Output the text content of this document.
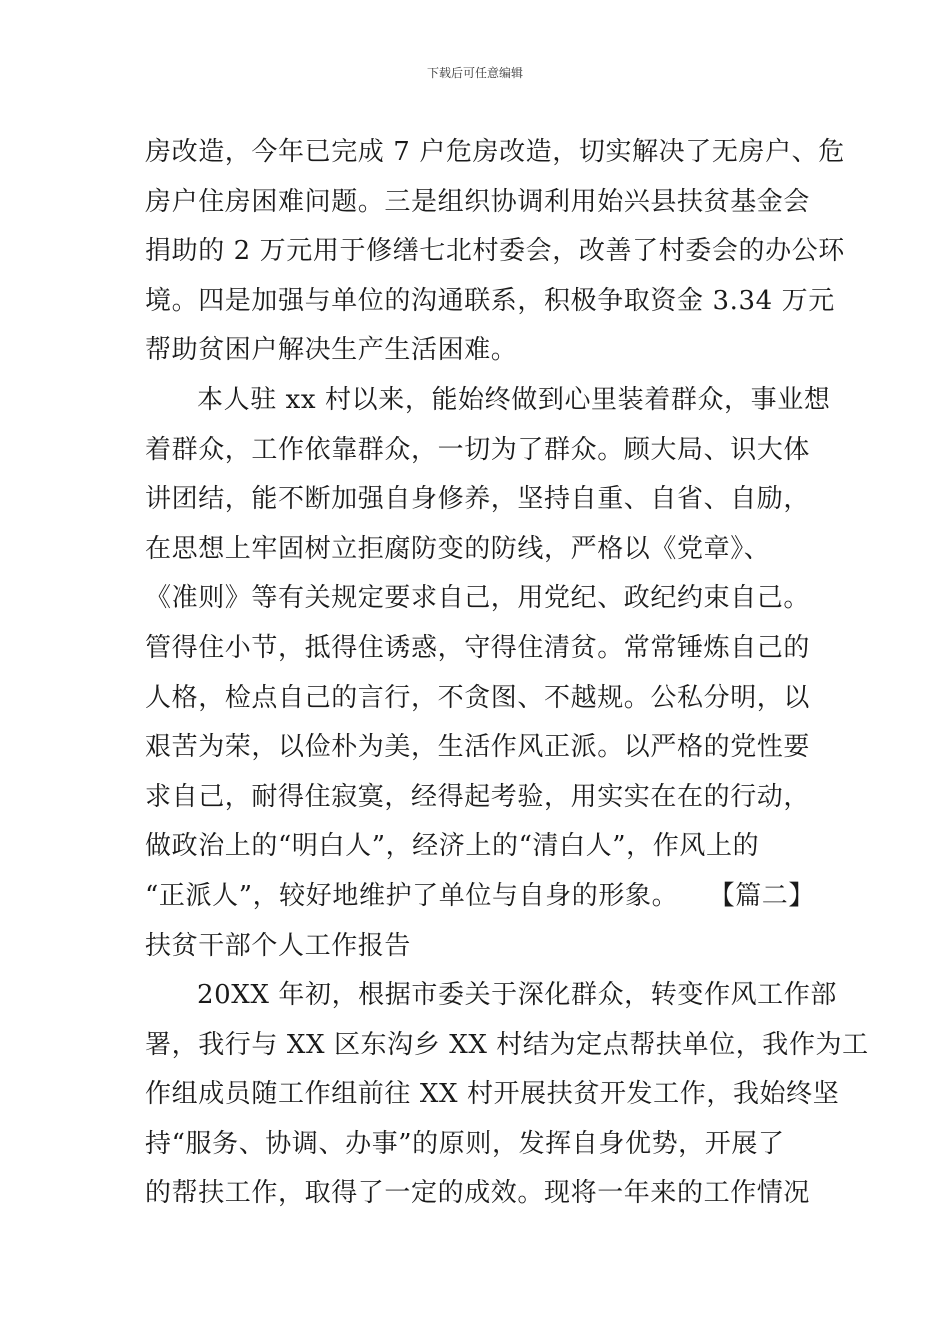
下载后可任意编辑
房改造，今年已完成 7 户危房改造，切实解决了无房户、危
房户住房困难问题。三是组织协调利用始兴县扶贫基金会
捐助的 2 万元用于修缮七北村委会，改善了村委会的办公环
境。四是加强与单位的沟通联系，积极争取资金 3.34 万元
帮助贫困户解决生产生活困难。
本人驻 xx 村以来，能始终做到心里装着群众，事业想
着群众，工作依靠群众，一切为了群众。顾大局、识大体
讲团结，能不断加强自身修养，坚持自重、自省、自励，
在思想上牢固树立拒腐防变的防线，严格以《党章》、
《准则》等有关规定要求自己，用党纪、政纪约束自己。
管得住小节，抵得住诱惑，守得住清贫。常常锤炼自己的
人格，检点自己的言行，不贪图、不越规。公私分明，以
艰苦为荣，以俭朴为美，生活作风正派。以严格的党性要
求自己，耐得住寂寞，经得起考验，用实实在在的行动，
做政治上的“明白人”，经济上的“清白人”，作风上的
“正派人”，较好地维护了单位与自身的形象。 【篇二】
扶贫干部个人工作报告
20XX 年初，根据市委关于深化群众，转变作风工作部
署，我行与 XX 区东沟乡 XX 村结为定点帮扶单位，我作为工
作组成员随工作组前往 XX 村开展扶贫开发工作，我始终坚
持“服务、协调、办事”的原则，发挥自身优势，开展了
的帮扶工作，取得了一定的成效。现将一年来的工作情况
